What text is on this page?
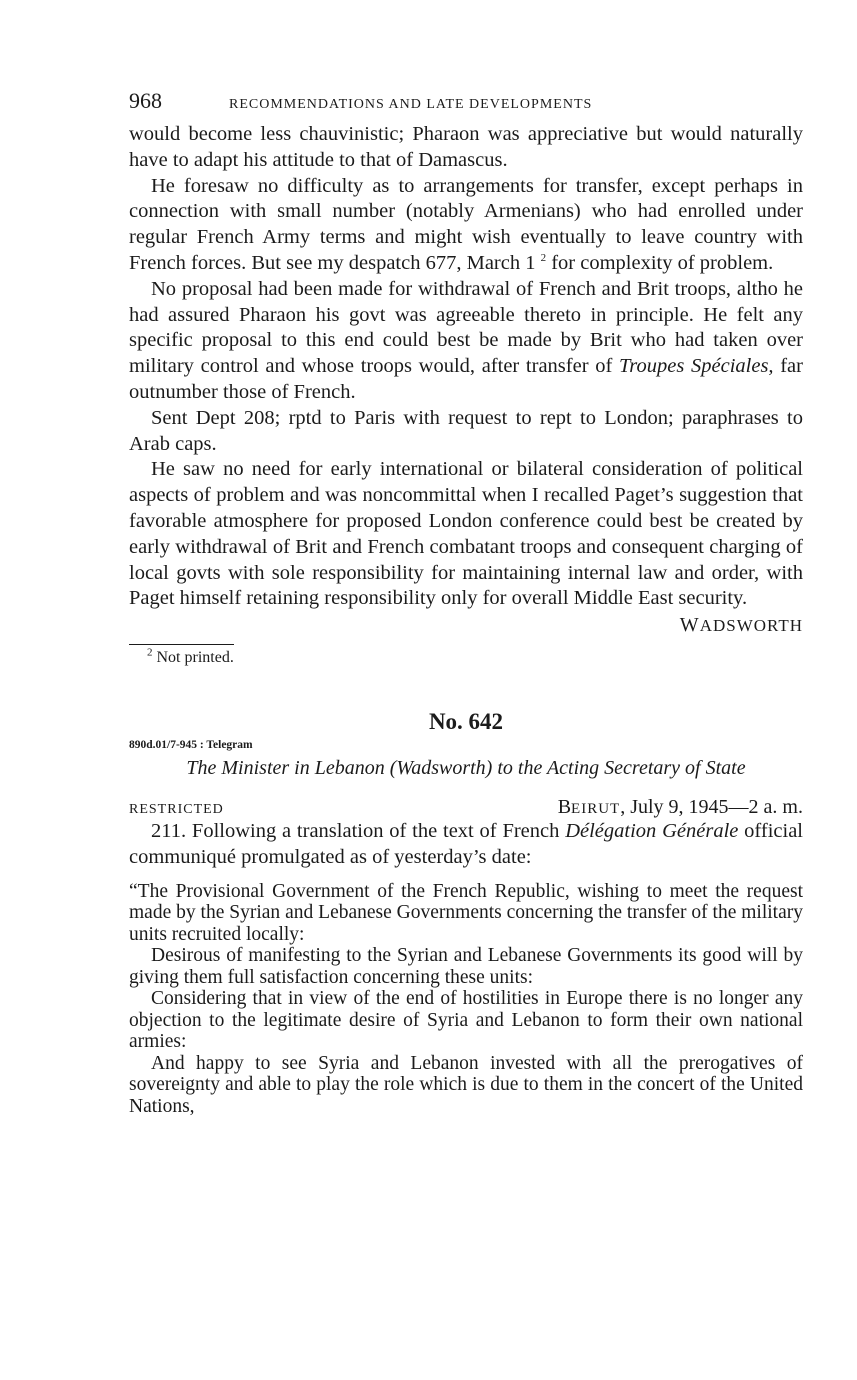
968	RECOMMENDATIONS AND LATE DEVELOPMENTS

would become less chauvinistic; Pharaon was appreciative but would naturally have to adapt his attitude to that of Damascus.

He foresaw no difficulty as to arrangements for transfer, except perhaps in connection with small number (notably Armenians) who had enrolled under regular French Army terms and might wish eventually to leave country with French forces. But see my despatch 677, March 1 $^2$ for complexity of problem.

No proposal had been made for withdrawal of French and Brit troops, altho he had assured Pharaon his govt was agreeable thereto in principle. He felt any specific proposal to this end could best be made by Brit who had taken over military control and whose troops would, after transfer of Troupes Spéciales, far outnumber those of French.

Sent Dept 208; rptd to Paris with request to rept to London; paraphrases to Arab caps.

He saw no need for early international or bilateral consideration of political aspects of problem and was noncommittal when I recalled Paget’s suggestion that favorable atmosphere for proposed London conference could best be created by early withdrawal of Brit and French combatant troops and consequent charging of local govts with sole responsibility for maintaining internal law and order, with Paget himself retaining responsibility only for overall Middle East security.

WADSWORTH
$^2$ Not printed.
No. 642
890d.01/7-945 : Telegram
The Minister in Lebanon (Wadsworth) to the Acting Secretary of State
RESTRICTED	BEIRUT, July 9, 1945—2 a. m.

211. Following a translation of the text of French Délégation Générale official communiqué promulgated as of yesterday’s date:

“The Provisional Government of the French Republic, wishing to meet the request made by the Syrian and Lebanese Governments concerning the transfer of the military units recruited locally:

Desirous of manifesting to the Syrian and Lebanese Governments its good will by giving them full satisfaction concerning these units:

Considering that in view of the end of hostilities in Europe there is no longer any objection to the legitimate desire of Syria and Lebanon to form their own national armies:

And happy to see Syria and Lebanon invested with all the prerogatives of sovereignty and able to play the role which is due to them in the concert of the United Nations,
